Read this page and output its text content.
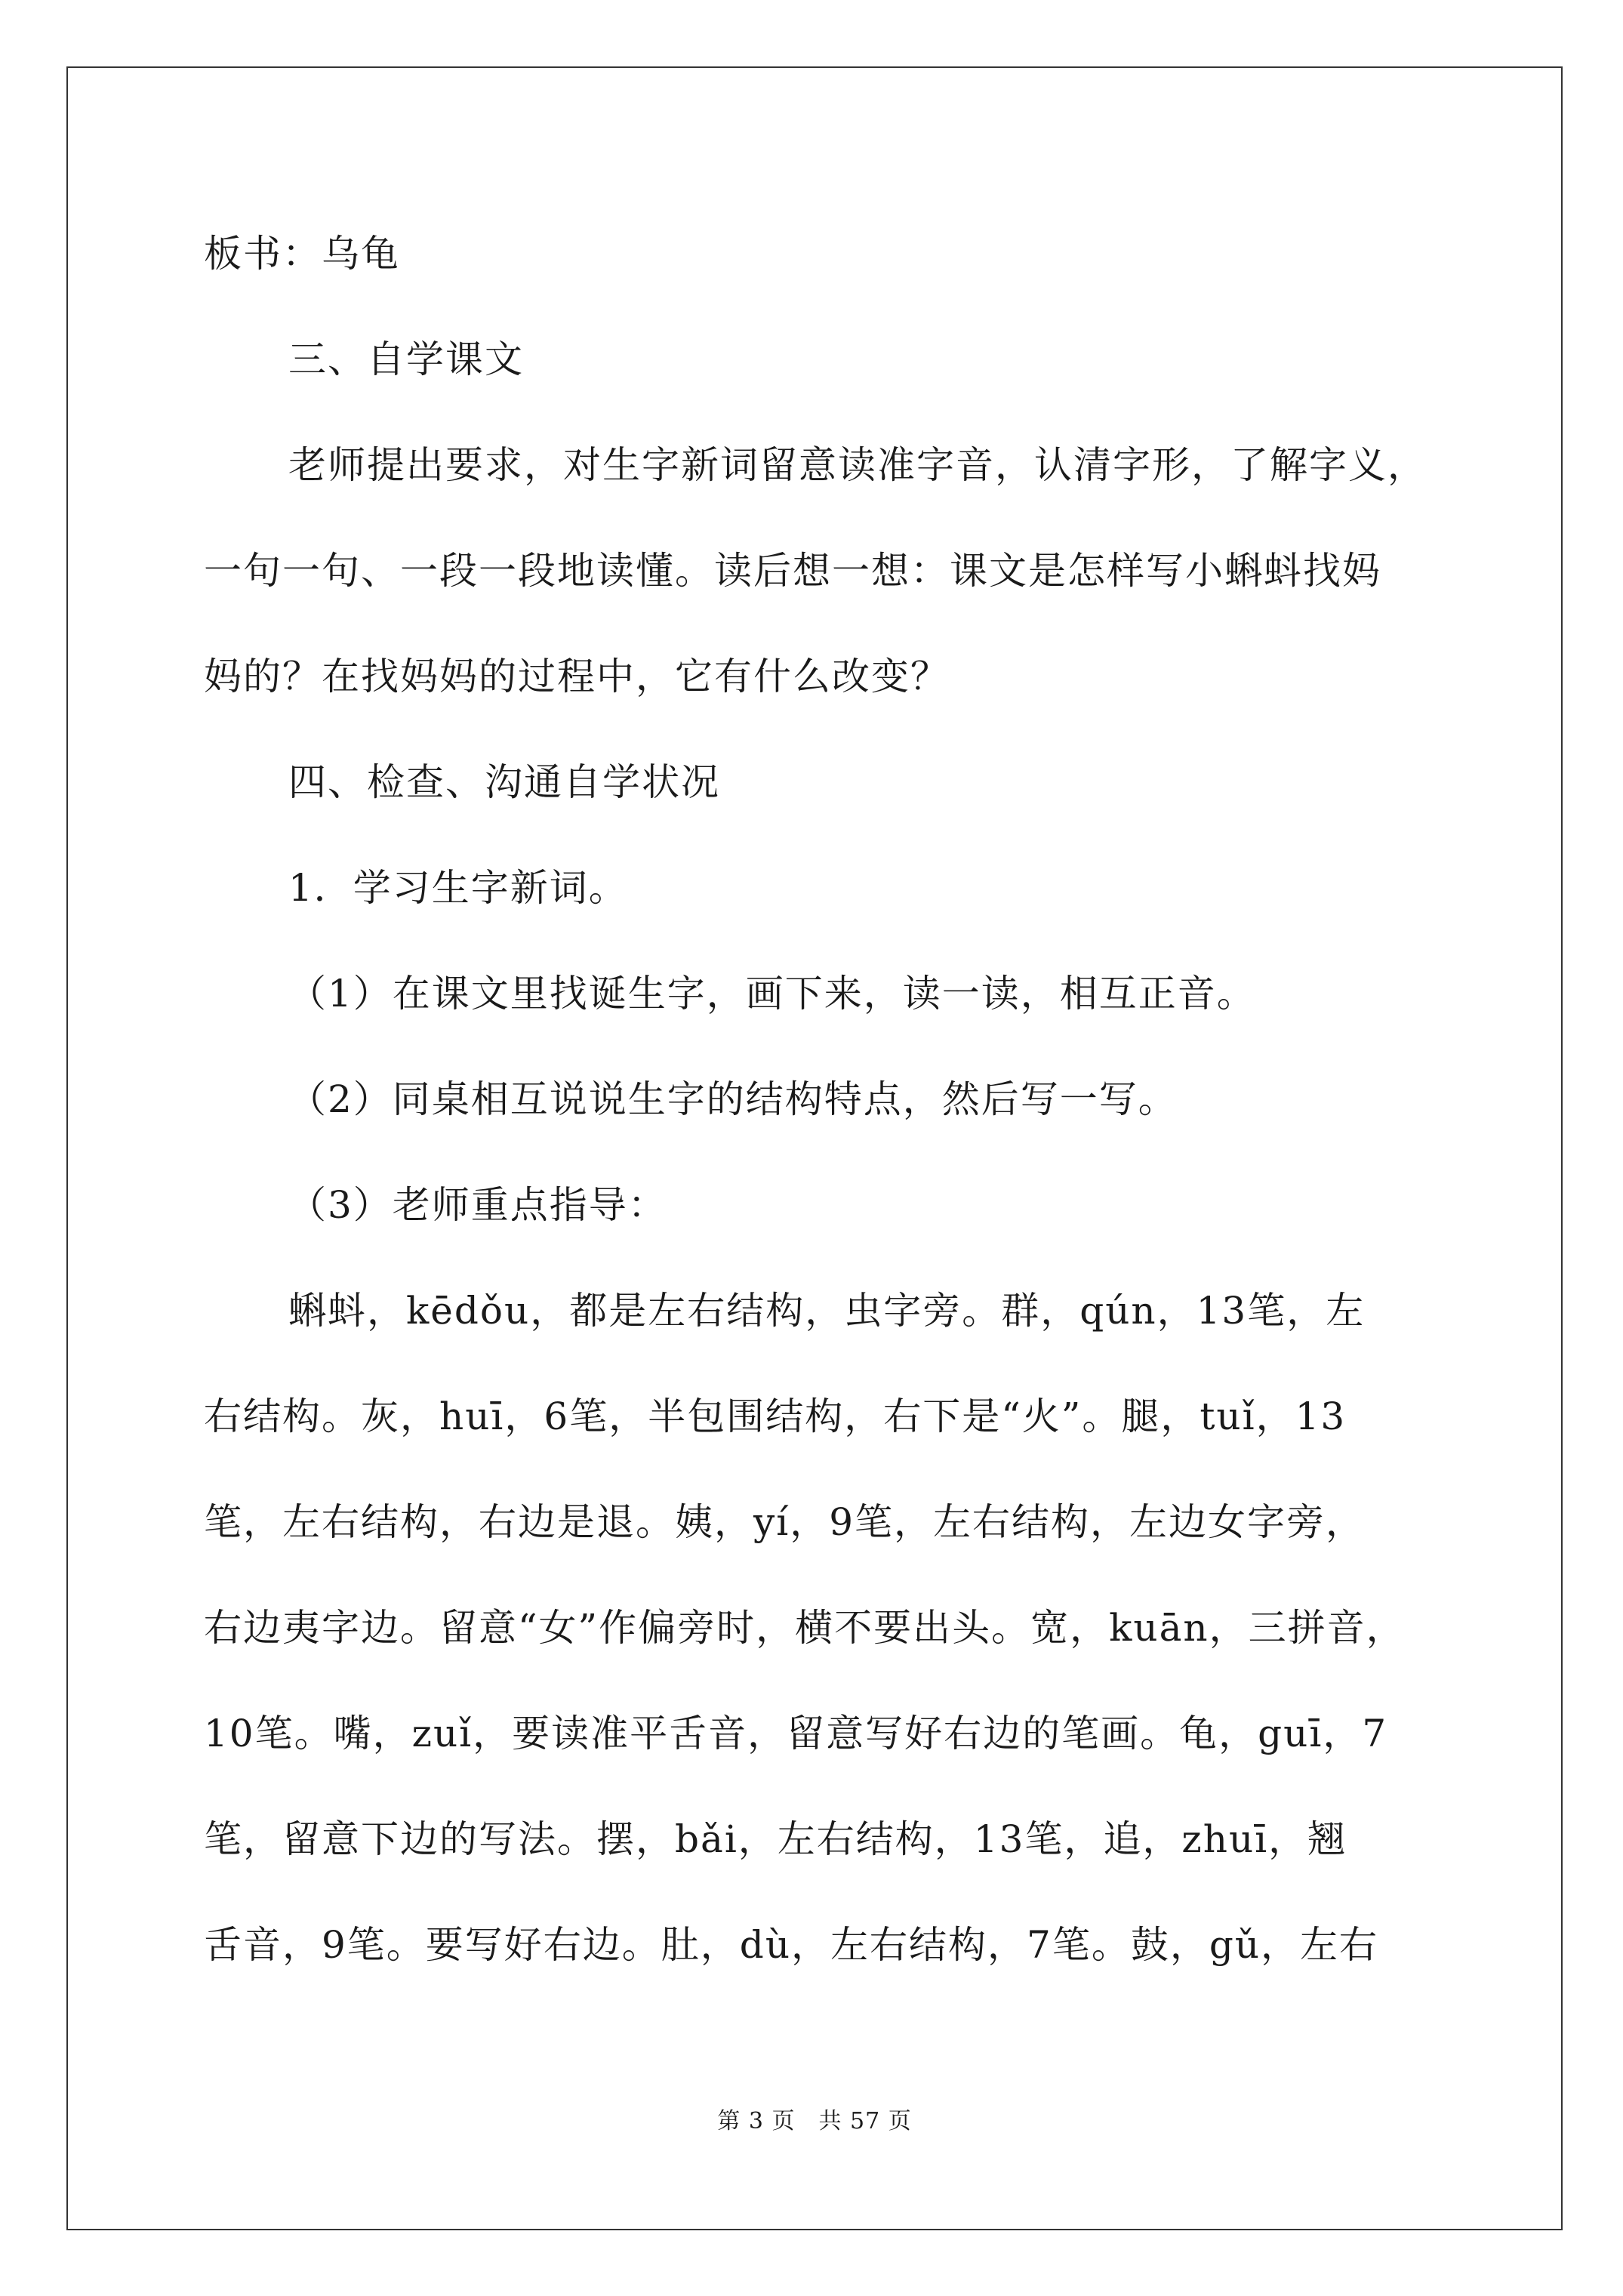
板书：乌龟
三、自学课文
老师提出要求，对生字新词留意读准字音，认清字形，了解字义，
一句一句、一段一段地读懂。读后想一想：课文是怎样写小蝌蚪找妈
妈的？在找妈妈的过程中，它有什么改变？
四、检查、沟通自学状况
1．学习生字新词。
（1）在课文里找诞生字，画下来，读一读，相互正音。
（2）同桌相互说说生字的结构特点，然后写一写。
（3）老师重点指导：
蝌蚪，kēdǒu，都是左右结构，虫字旁。群，qún，13笔，左
右结构。灰，huī，6笔，半包围结构，右下是“火”。腿，tuǐ，13
笔，左右结构，右边是退。姨，yí，9笔，左右结构，左边女字旁，
右边夷字边。留意“女”作偏旁时，横不要出头。宽，kuān，三拼音，
10笔。嘴，zuǐ，要读准平舌音，留意写好右边的笔画。龟，guī，7
笔，留意下边的写法。摆，bǎi，左右结构，13笔，追，zhuī，翘
舌音，9笔。要写好右边。肚，dù，左右结构，7笔。鼓，gǔ，左右
第 3 页　共 57 页
